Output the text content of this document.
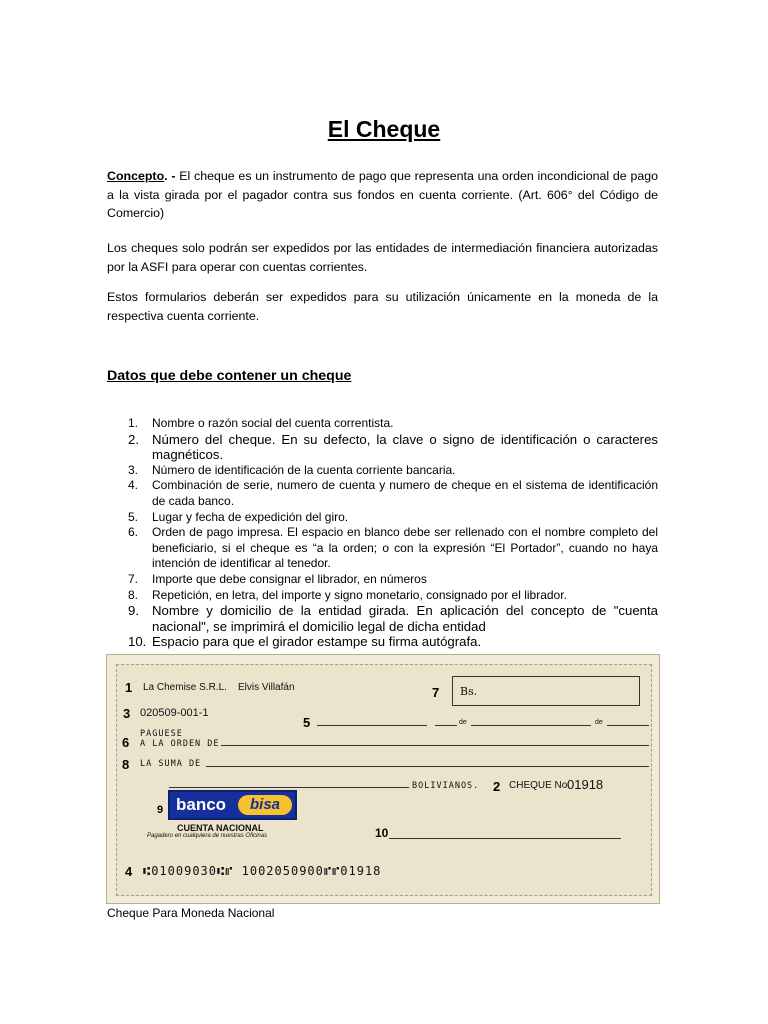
El Cheque

Concepto. - El cheque es un instrumento de pago que representa una orden incondicional de pago a la vista girada por el pagador contra sus fondos en cuenta corriente. (Art. 606° del Código de Comercio)

Los cheques solo podrán ser expedidos por las entidades de intermediación financiera autorizadas por la ASFI para operar con cuentas corrientes.

Estos formularios deberán ser expedidos para su utilización únicamente en la moneda de la respectiva cuenta corriente.

Datos que debe contener un cheque
1. Nombre o razón social del cuenta correntista.
2. Número del cheque. En su defecto, la clave o signo de identificación o caracteres magnéticos.
3. Número de identificación de la cuenta corriente bancaria.
4. Combinación de serie, numero de cuenta y numero de cheque en el sistema de identificación de cada banco.
5. Lugar y fecha de expedición del giro.
6. Orden de pago impresa. El espacio en blanco debe ser rellenado con el nombre completo del beneficiario, si el cheque es “a la orden; o con la expresión “El Portador”, cuando no haya intención de identificar al tenedor.
7. Importe que debe consignar el librador, en números
8. Repetición, en letra, del importe y signo monetario, consignado por el librador.
9. Nombre y domicilio de la entidad girada. En aplicación del concepto de "cuenta nacional", se imprimirá el domicilio legal de dicha entidad
10. Espacio para que el girador estampe su firma autógrafa.
1 La Chemise S.R.L. Elvis Villafán	7 Bs.
3 020509-001-1
5	de	de
PAGUESE
6 A LA ORDEN DE
8 LA SUMA DE
BOLIVIANOS. 2 CHEQUE No.
01918
9 banco	bisa
CUENTA NACIONAL
Pagadero en cualquiera de nuestras Oficinas	10
4 ⑆01009030⑆⑈ 1002050900⑈⑈01918
Cheque Para Moneda Nacional
